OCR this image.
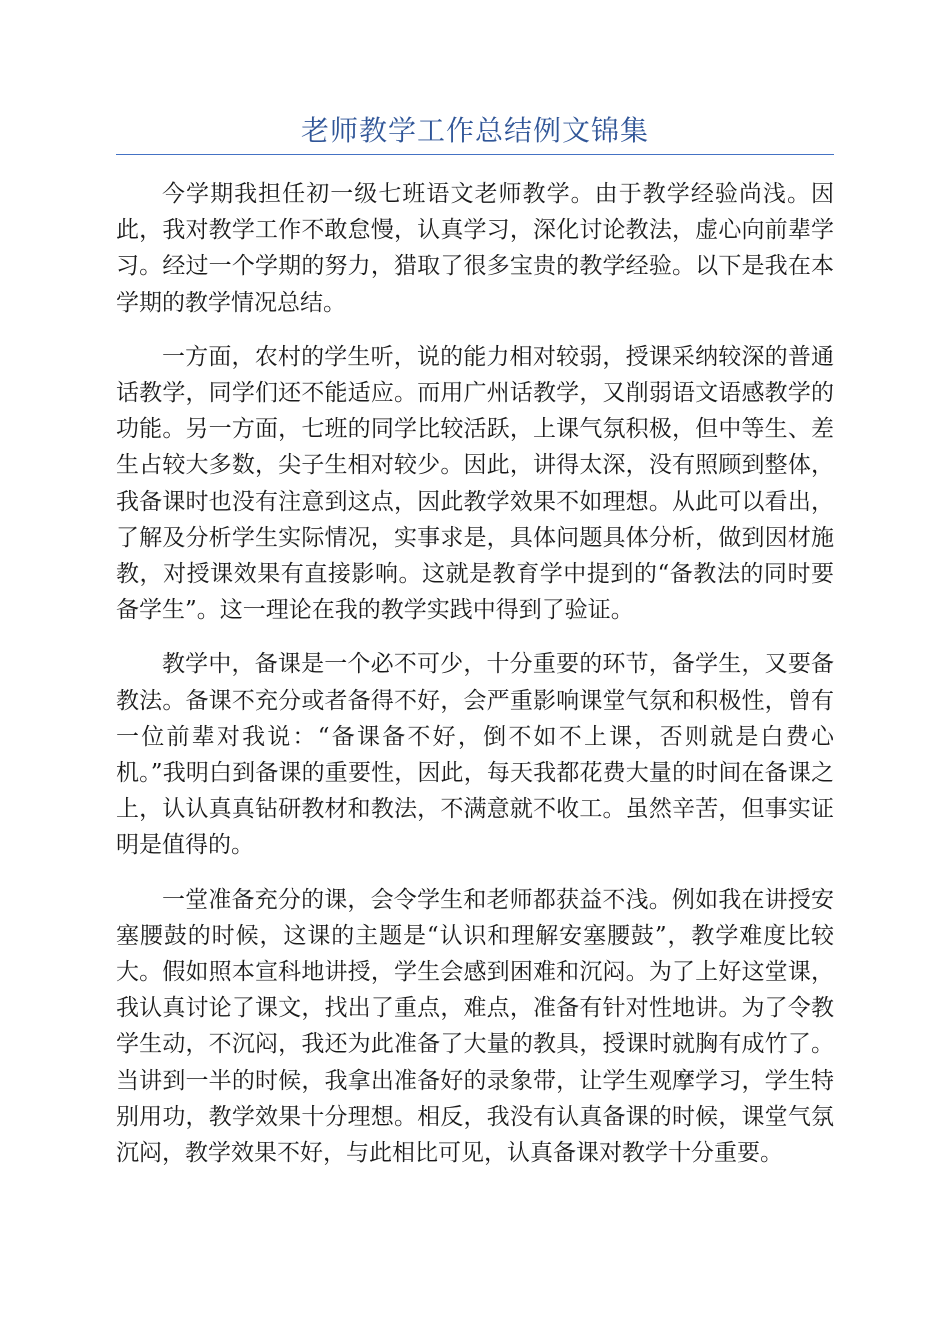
老师教学工作总结例文锦集

今学期我担任初一级七班语文老师教学。由于教学经验尚浅。因此，我对教学工作不敢怠慢，认真学习，深化讨论教法，虚心向前辈学习。经过一个学期的努力，猎取了很多宝贵的教学经验。以下是我在本学期的教学情况总结。

一方面，农村的学生听，说的能力相对较弱，授课采纳较深的普通话教学，同学们还不能适应。而用广州话教学，又削弱语文语感教学的功能。另一方面，七班的同学比较活跃，上课气氛积极，但中等生、差生占较大多数，尖子生相对较少。因此，讲得太深，没有照顾到整体，我备课时也没有注意到这点，因此教学效果不如理想。从此可以看出，了解及分析学生实际情况，实事求是，具体问题具体分析，做到因材施教，对授课效果有直接影响。这就是教育学中提到的“备教法的同时要备学生”。这一理论在我的教学实践中得到了验证。

教学中，备课是一个必不可少，十分重要的环节，备学生，又要备教法。备课不充分或者备得不好，会严重影响课堂气氛和积极性，曾有一位前辈对我说：“备课备不好，倒不如不上课，否则就是白费心机。”我明白到备课的重要性，因此，每天我都花费大量的时间在备课之上，认认真真钻研教材和教法，不满意就不收工。虽然辛苦，但事实证明是值得的。

一堂准备充分的课，会令学生和老师都获益不浅。例如我在讲授安塞腰鼓的时候，这课的主题是“认识和理解安塞腰鼓”，教学难度比较大。假如照本宣科地讲授，学生会感到困难和沉闷。为了上好这堂课，我认真讨论了课文，找出了重点，难点，准备有针对性地讲。为了令教学生动，不沉闷，我还为此准备了大量的教具，授课时就胸有成竹了。当讲到一半的时候，我拿出准备好的录象带，让学生观摩学习，学生特别用功，教学效果十分理想。相反，我没有认真备课的时候，课堂气氛沉闷，教学效果不好，与此相比可见，认真备课对教学十分重要。
